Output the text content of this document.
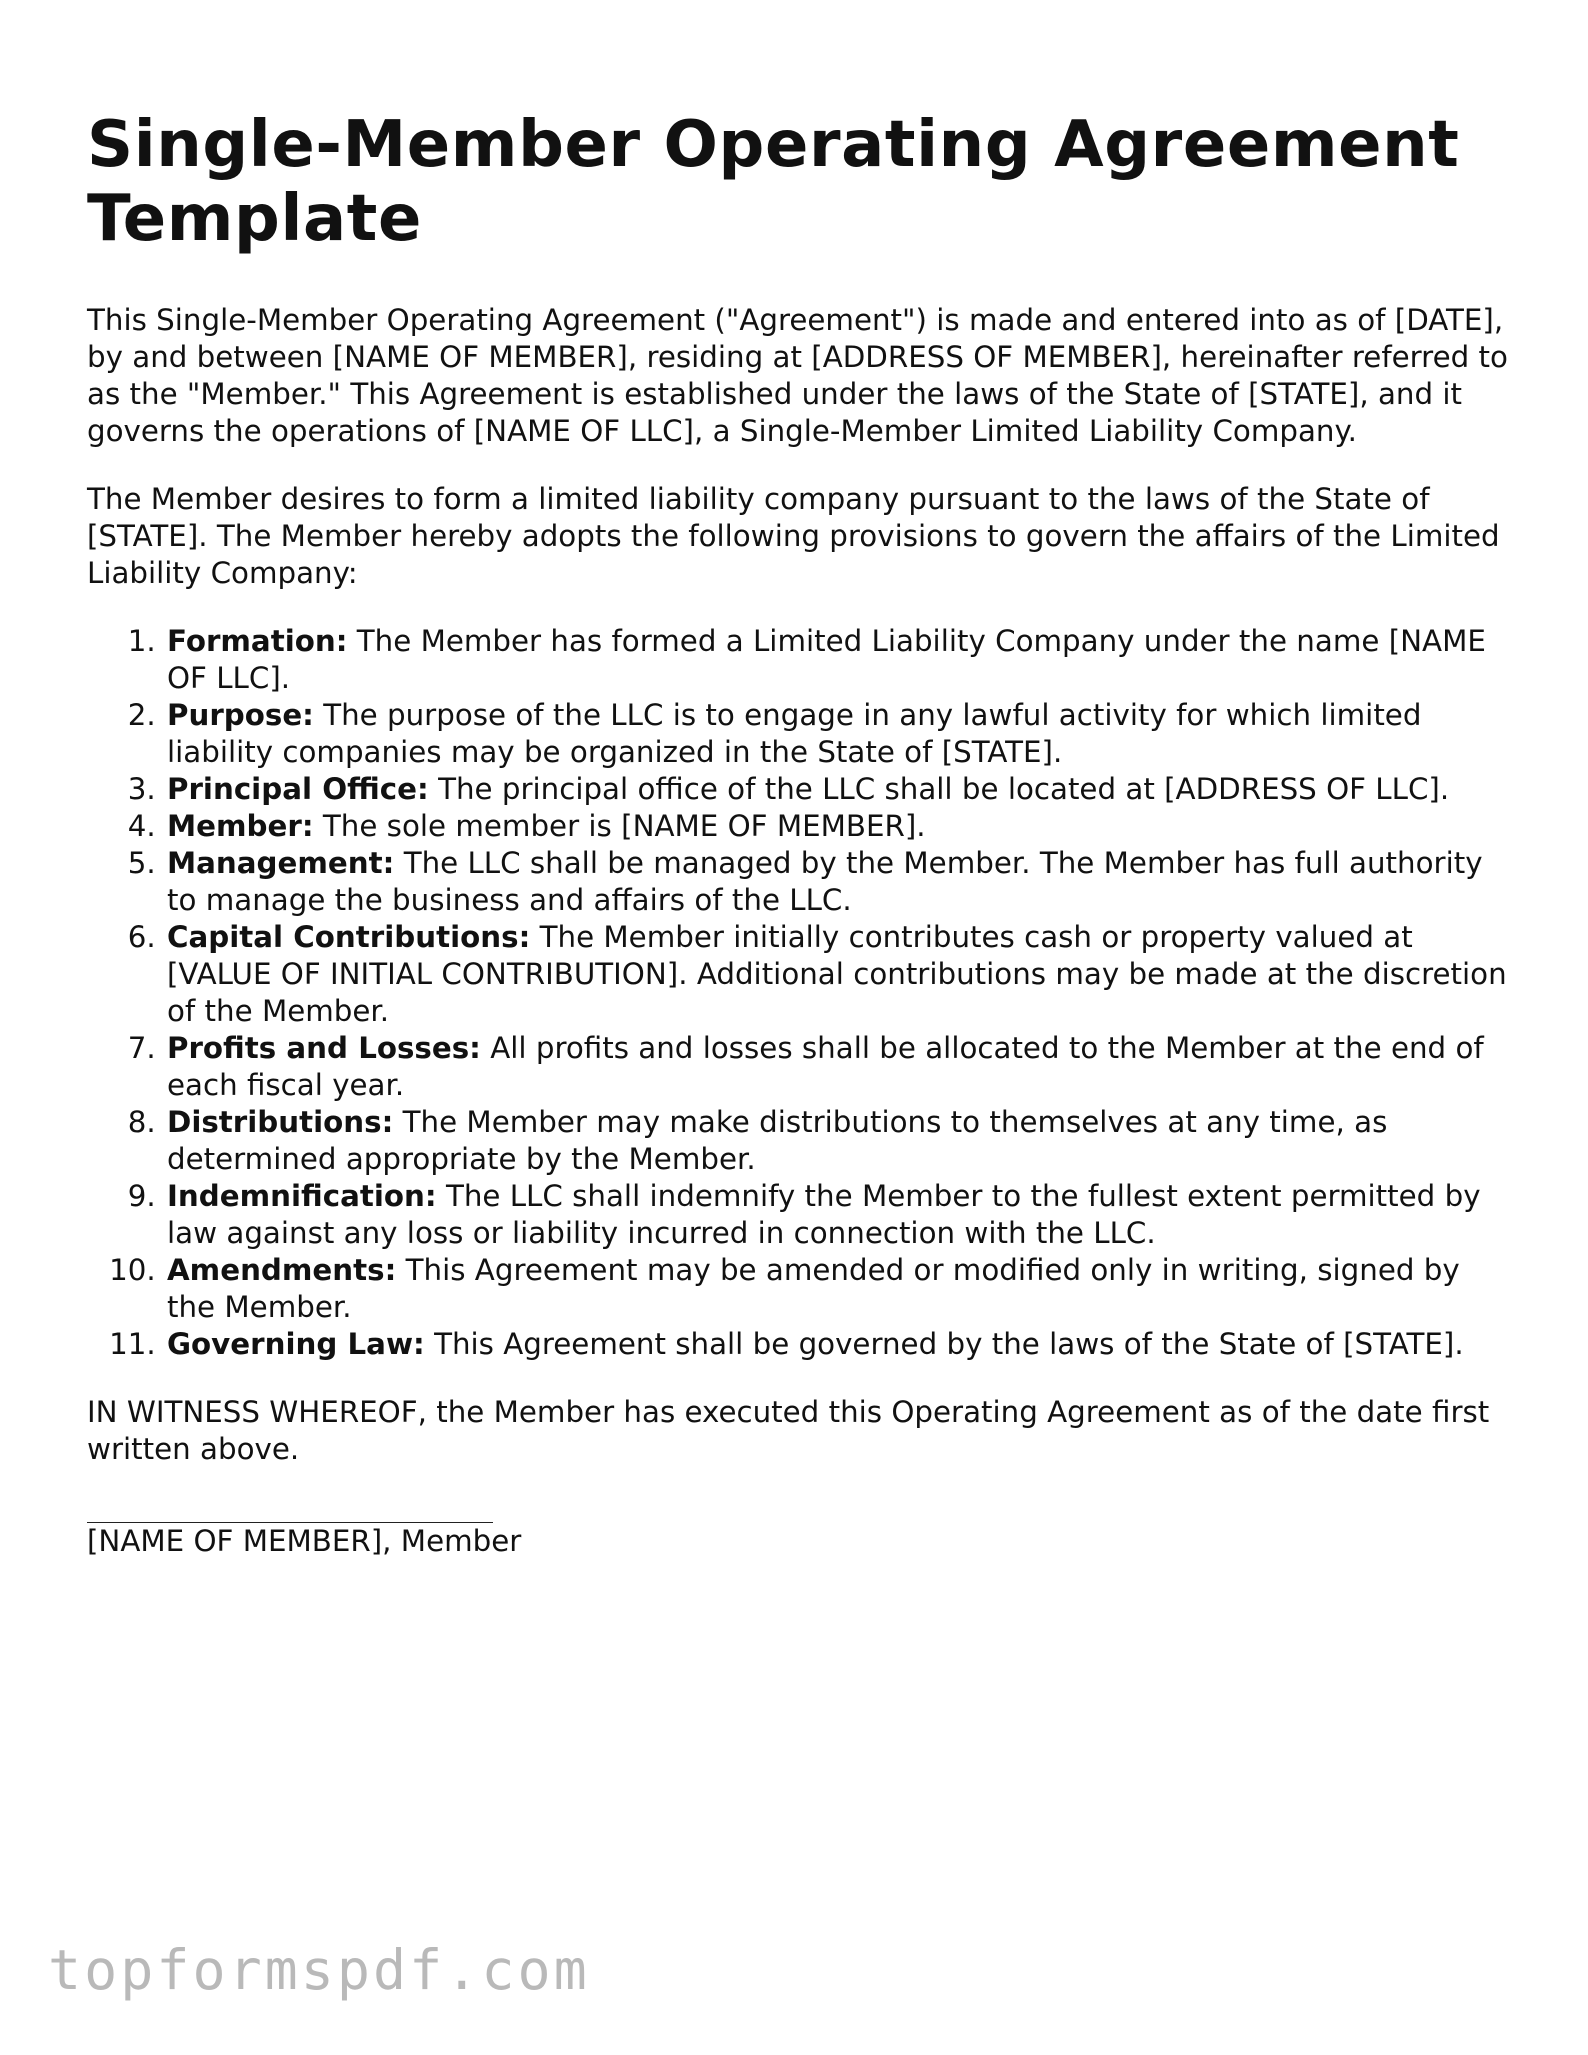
Single-Member Operating Agreement Template

This Single-Member Operating Agreement ("Agreement") is made and entered into as of [DATE], by and between [NAME OF MEMBER], residing at [ADDRESS OF MEMBER], hereinafter referred to as the "Member." This Agreement is established under the laws of the State of [STATE], and it governs the operations of [NAME OF LLC], a Single-Member Limited Liability Company.

The Member desires to form a limited liability company pursuant to the laws of the State of [STATE]. The Member hereby adopts the following provisions to govern the affairs of the Limited Liability Company:

1. Formation: The Member has formed a Limited Liability Company under the name [NAME OF LLC].
2. Purpose: The purpose of the LLC is to engage in any lawful activity for which limited liability companies may be organized in the State of [STATE].
3. Principal Office: The principal office of the LLC shall be located at [ADDRESS OF LLC].
4. Member: The sole member is [NAME OF MEMBER].
5. Management: The LLC shall be managed by the Member. The Member has full authority to manage the business and affairs of the LLC.
6. Capital Contributions: The Member initially contributes cash or property valued at [VALUE OF INITIAL CONTRIBUTION]. Additional contributions may be made at the discretion of the Member.
7. Profits and Losses: All profits and losses shall be allocated to the Member at the end of each fiscal year.
8. Distributions: The Member may make distributions to themselves at any time, as determined appropriate by the Member.
9. Indemnification: The LLC shall indemnify the Member to the fullest extent permitted by law against any loss or liability incurred in connection with the LLC.
10. Amendments: This Agreement may be amended or modified only in writing, signed by the Member.
11. Governing Law: This Agreement shall be governed by the laws of the State of [STATE].

IN WITNESS WHEREOF, the Member has executed this Operating Agreement as of the date first written above.

[NAME OF MEMBER], Member
topformspdf.com
